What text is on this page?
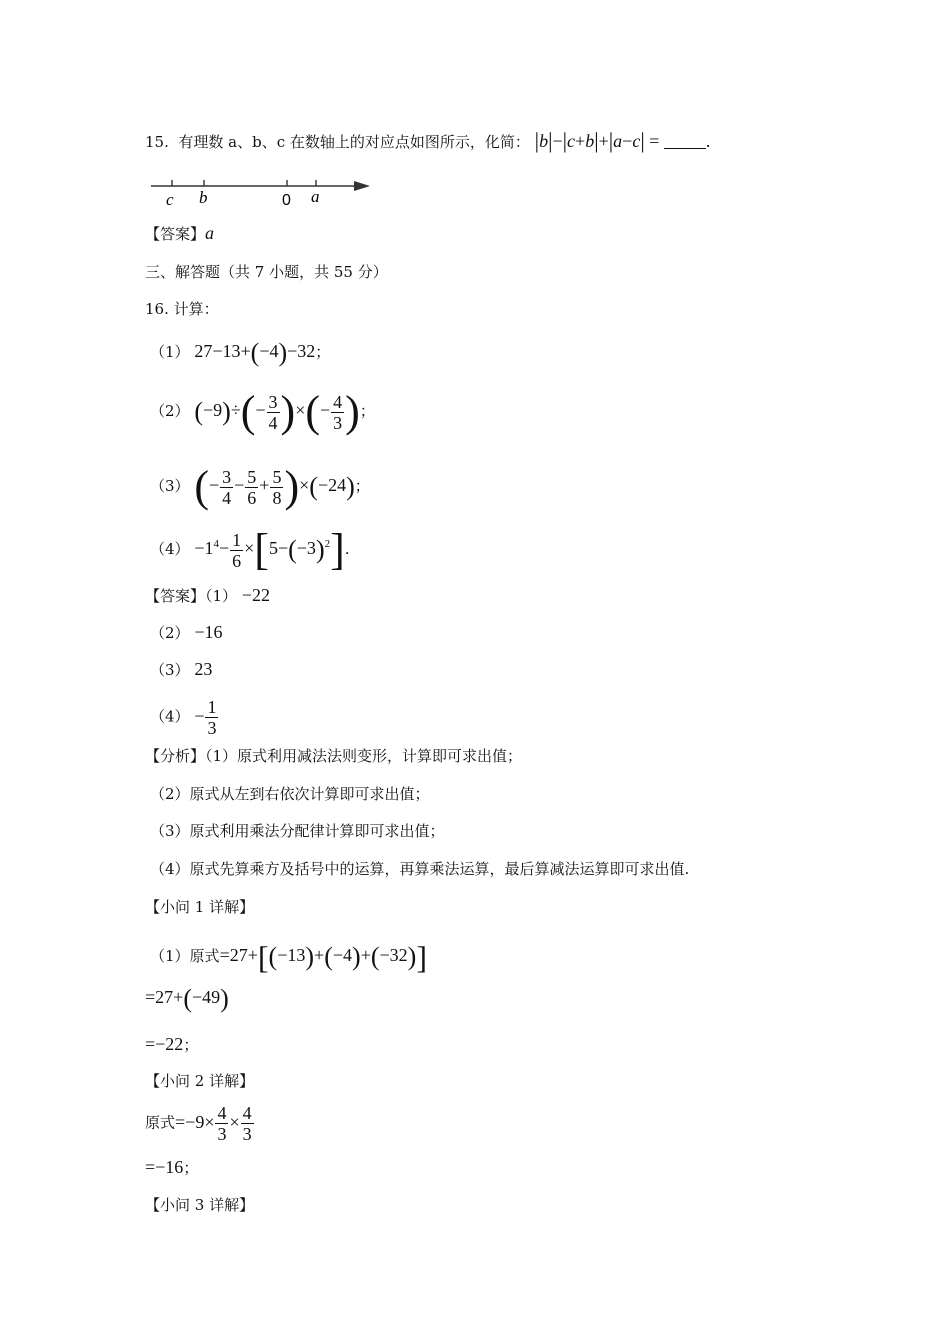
15. 有理数 a、b、c 在数轴上的对应点如图所示，化简： |b|−|c+b|+|a−c| = .
c b	0 a
【答案】a
三、解答题（共 7 小题，共 55 分）
16. 计算：
（1） 27−13+(−4)−32；
（2） $(-9)\div(- \frac{3}{4}$ )×(− $\frac{4}{3}$ )；
（3） (− $\frac{3}{4} - \frac{5}{6} + \frac{5}{8} )\times(-24)$；
$(4) -1^4- \frac{1}{6} \times[5-(-3)^2]$.
【答案】（1） −22
（2） −16
（3） 23
$(4) - \frac{1}{3}$
【分析】（1）原式利用减法法则变形，计算即可求出值；
（2）原式从左到右依次计算即可求出值；
（3）原式利用乘法分配律计算即可求出值；
（4）原式先算乘方及括号中的运算，再算乘法运算，最后算减法运算即可求出值.
【小问 1 详解】
（1）原式=27+[(−13)+(−4)+(−32)]
=27+(−49)
=−22；
【小问 2 详解】
原式$=-9\times \frac{4}{3} \times \frac{4}{3}$
=−16；
【小问 3 详解】
